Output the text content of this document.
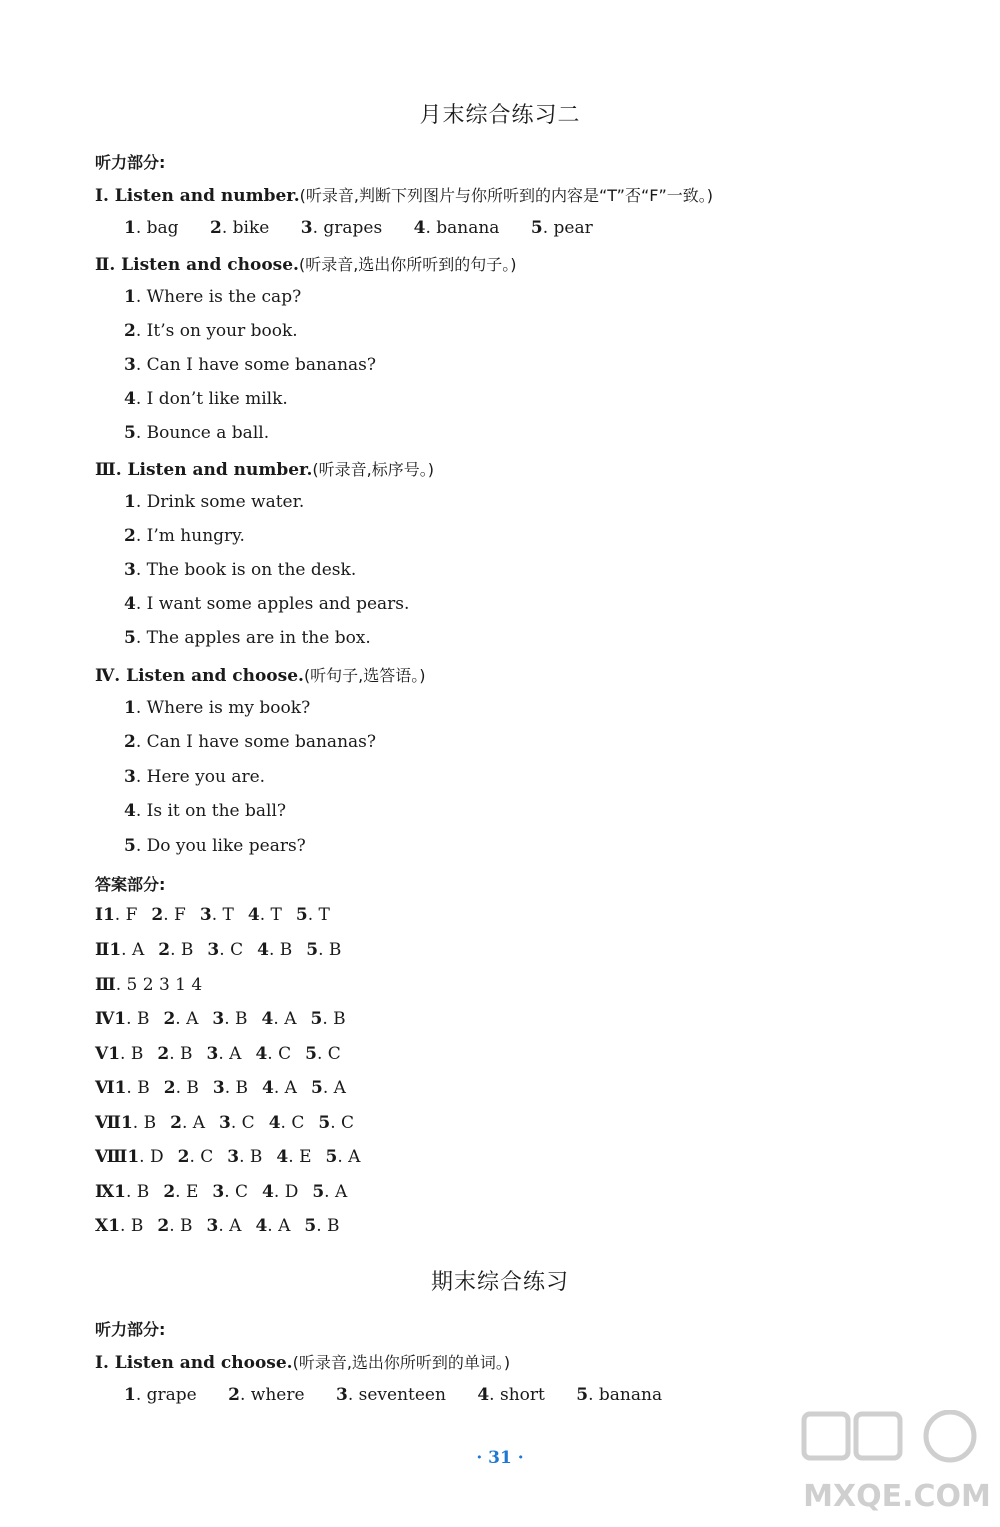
月末综合练习二
听力部分:
Ⅰ. Listen and number.(听录音,判断下列图片与你所听到的内容是“T”否“F”一致。)
1. bag 2. bike 3. grapes 4. banana 5. pear
Ⅱ. Listen and choose.(听录音,选出你所听到的句子。)
1. Where is the cap?
2. It’s on your book.
3. Can I have some bananas?
4. I don’t like milk.
5. Bounce a ball.
Ⅲ. Listen and number.(听录音,标序号。)
1. Drink some water.
2. I’m hungry.
3. The book is on the desk.
4. I want some apples and pears.
5. The apples are in the box.
Ⅳ. Listen and choose.(听句子,选答语。)
1. Where is my book?
2. Can I have some bananas?
3. Here you are.
4. Is it on the ball?
5. Do you like pears?
答案部分:
Ⅰ1. F 2. F 3. T 4. T 5. T
Ⅱ1. A 2. B 3. C 4. B 5. B
Ⅲ. 5 2 3 1 4
Ⅳ1. B 2. A 3. B 4. A 5. B
Ⅴ1. B 2. B 3. A 4. C 5. C
Ⅵ1. B 2. B 3. B 4. A 5. A
Ⅶ1. B 2. A 3. C 4. C 5. C
Ⅷ1. D 2. C 3. B 4. E 5. A
Ⅸ1. B 2. E 3. C 4. D 5. A
Ⅹ1. B 2. B 3. A 4. A 5. B
期末综合练习
听力部分:
Ⅰ. Listen and choose.(听录音,选出你所听到的单词。)
1. grape 2. where 3. seventeen 4. short 5. banana
· 31 ·
MXQE.COM
